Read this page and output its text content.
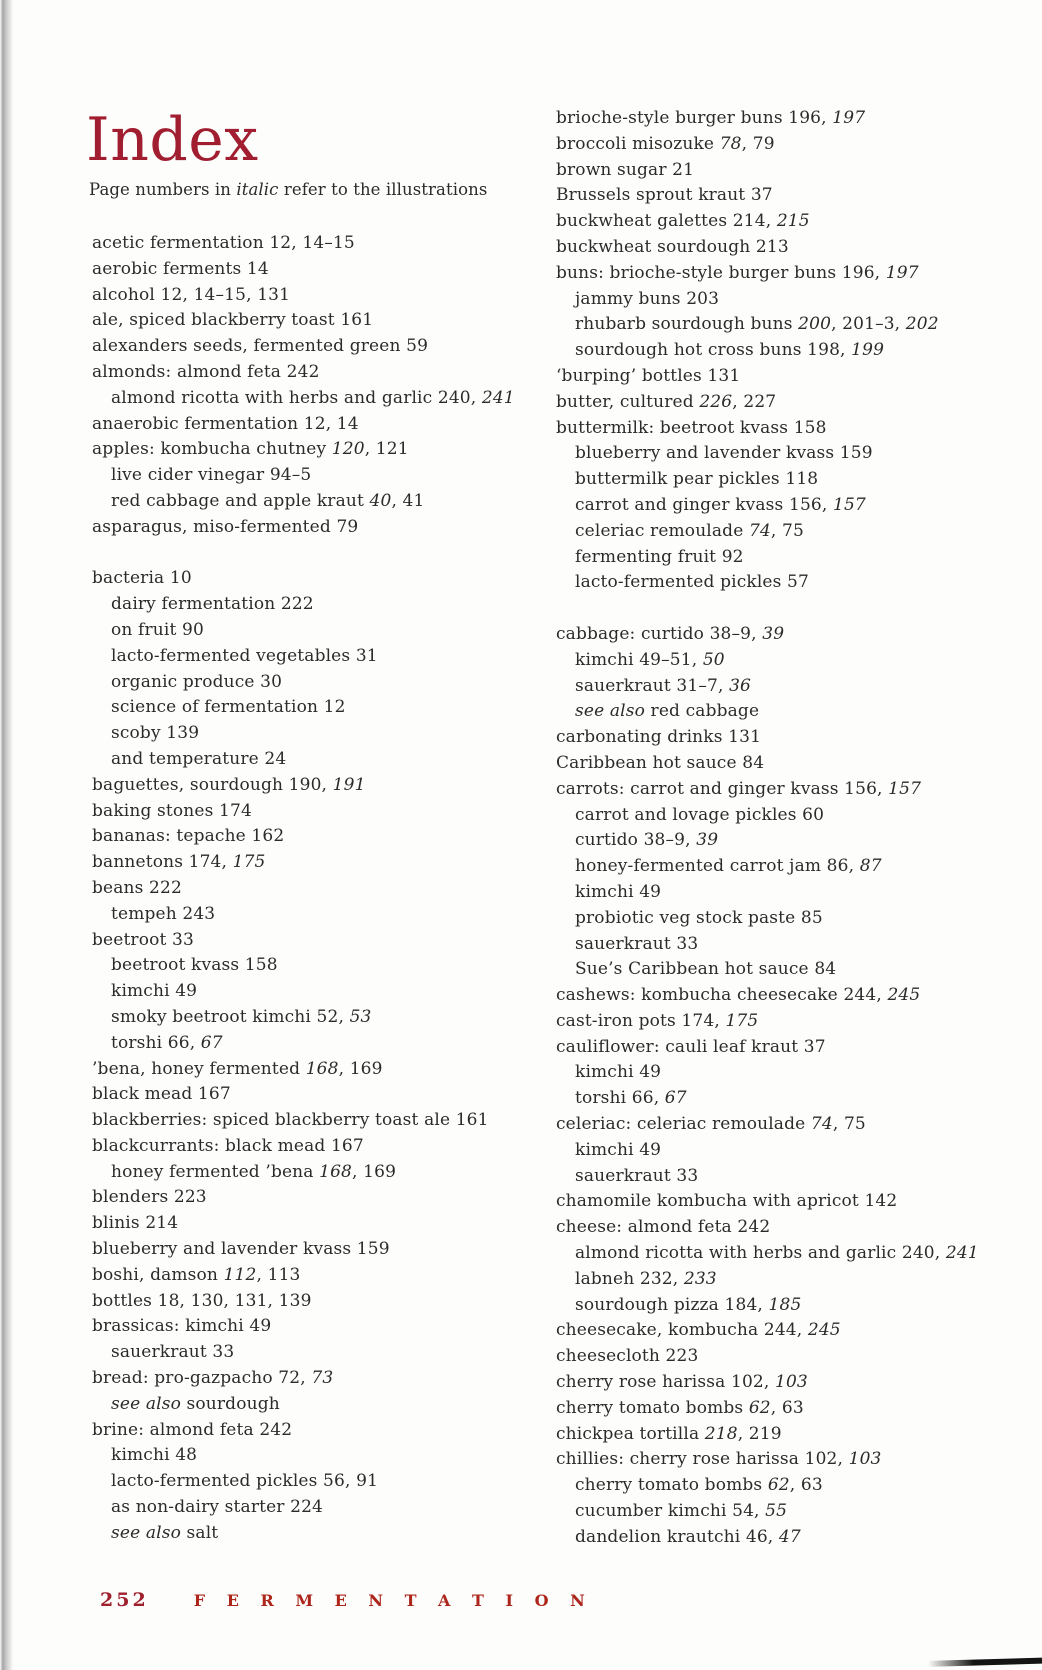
Index

Page numbers in italic refer to the illustrations

acetic fermentation 12, 14–15
aerobic ferments 14
alcohol 12, 14–15, 131
ale, spiced blackberry toast 161
alexanders seeds, fermented green 59
almonds: almond feta 242
almond ricotta with herbs and garlic 240, 241
anaerobic fermentation 12, 14
apples: kombucha chutney 120, 121
live cider vinegar 94–5
red cabbage and apple kraut 40, 41
asparagus, miso-fermented 79
bacteria 10
dairy fermentation 222
on fruit 90
lacto-fermented vegetables 31
organic produce 30
science of fermentation 12
scoby 139
and temperature 24
baguettes, sourdough 190, 191
baking stones 174
bananas: tepache 162
bannetons 174, 175
beans 222
tempeh 243
beetroot 33
beetroot kvass 158
kimchi 49
smoky beetroot kimchi 52, 53
torshi 66, 67
’bena, honey fermented 168, 169
black mead 167
blackberries: spiced blackberry toast ale 161
blackcurrants: black mead 167
honey fermented ’bena 168, 169
blenders 223
blinis 214
blueberry and lavender kvass 159
boshi, damson 112, 113
bottles 18, 130, 131, 139
brassicas: kimchi 49
sauerkraut 33
bread: pro-gazpacho 72, 73
see also sourdough
brine: almond feta 242
kimchi 48
lacto-fermented pickles 56, 91
as non-dairy starter 224
see also salt
brioche-style burger buns 196, 197
broccoli misozuke 78, 79
brown sugar 21
Brussels sprout kraut 37
buckwheat galettes 214, 215
buckwheat sourdough 213
buns: brioche-style burger buns 196, 197
jammy buns 203
rhubarb sourdough buns 200, 201–3, 202
sourdough hot cross buns 198, 199
‘burping’ bottles 131
butter, cultured 226, 227
buttermilk: beetroot kvass 158
blueberry and lavender kvass 159
buttermilk pear pickles 118
carrot and ginger kvass 156, 157
celeriac remoulade 74, 75
fermenting fruit 92
lacto-fermented pickles 57
cabbage: curtido 38–9, 39
kimchi 49–51, 50
sauerkraut 31–7, 36
see also red cabbage
carbonating drinks 131
Caribbean hot sauce 84
carrots: carrot and ginger kvass 156, 157
carrot and lovage pickles 60
curtido 38–9, 39
honey-fermented carrot jam 86, 87
kimchi 49
probiotic veg stock paste 85
sauerkraut 33
Sue’s Caribbean hot sauce 84
cashews: kombucha cheesecake 244, 245
cast-iron pots 174, 175
cauliflower: cauli leaf kraut 37
kimchi 49
torshi 66, 67
celeriac: celeriac remoulade 74, 75
kimchi 49
sauerkraut 33
chamomile kombucha with apricot 142
cheese: almond feta 242
almond ricotta with herbs and garlic 240, 241
labneh 232, 233
sourdough pizza 184, 185
cheesecake, kombucha 244, 245
cheesecloth 223
cherry rose harissa 102, 103
cherry tomato bombs 62, 63
chickpea tortilla 218, 219
chillies: cherry rose harissa 102, 103
cherry tomato bombs 62, 63
cucumber kimchi 54, 55
dandelion krautchi 46, 47
252	F E R M E N T A T I O N
